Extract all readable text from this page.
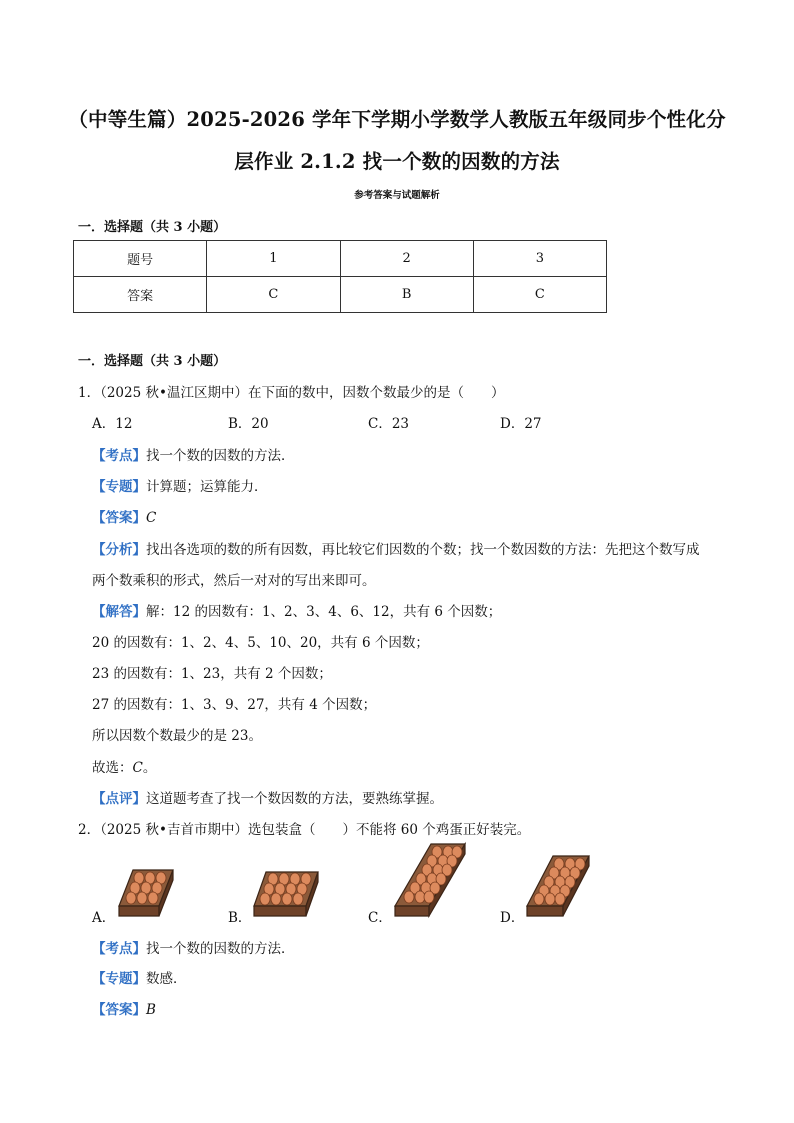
（中等生篇）2025-2026 学年下学期小学数学人教版五年级同步个性化分
层作业 2.1.2 找一个数的因数的方法
参考答案与试题解析
一．选择题（共 3 小题）
题号	1	2	3
答案	C	B	C
一．选择题（共 3 小题）
1．（2025 秋•温江区期中）在下面的数中，因数个数最少的是（　　）
A．12	B．20	C．23	D．27
【考点】找一个数的因数的方法．
【专题】计算题；运算能力．
【答案】C
【分析】找出各选项的数的所有因数，再比较它们因数的个数；找一个数因数的方法：先把这个数写成
两个数乘积的形式，然后一对对的写出来即可。
【解答】解：12 的因数有：1、2、3、4、6、12，共有 6 个因数；
20 的因数有：1、2、4、5、10、20，共有 6 个因数；
23 的因数有：1、23，共有 2 个因数；
27 的因数有：1、3、9、27，共有 4 个因数；
所以因数个数最少的是 23。
故选：C。
【点评】这道题考查了找一个数因数的方法，要熟练掌握。
2．（2025 秋•吉首市期中）选包装盒（　　）不能将 60 个鸡蛋正好装完。
A．	B．	C．	D．
【考点】找一个数的因数的方法．
【专题】数感．
【答案】B
